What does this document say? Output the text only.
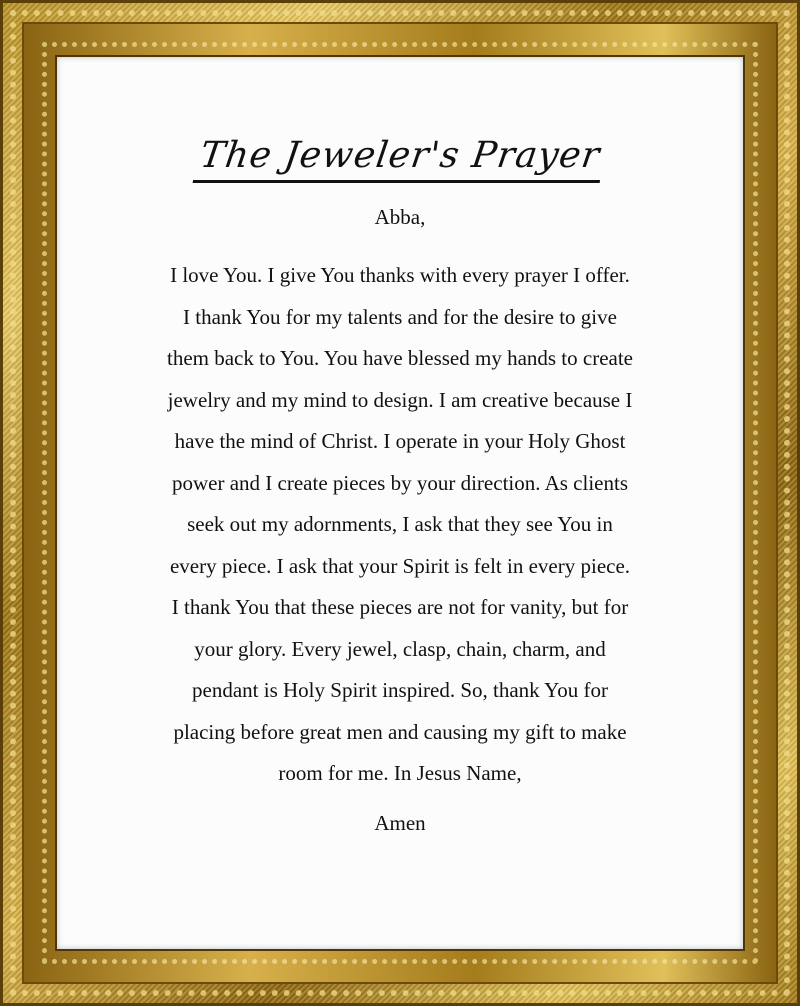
The Jeweler's Prayer
Abba,
I love You. I give You thanks with every prayer I offer.
I thank You for my talents and for the desire to give
them back to You. You have blessed my hands to create
jewelry and my mind to design. I am creative because I
have the mind of Christ. I operate in your Holy Ghost
power and I create pieces by your direction. As clients
seek out my adornments, I ask that they see You in
every piece. I ask that your Spirit is felt in every piece.
I thank You that these pieces are not for vanity, but for
your glory. Every jewel, clasp, chain, charm, and
pendant is Holy Spirit inspired. So, thank You for
placing before great men and causing my gift to make
room for me. In Jesus Name,
Amen
